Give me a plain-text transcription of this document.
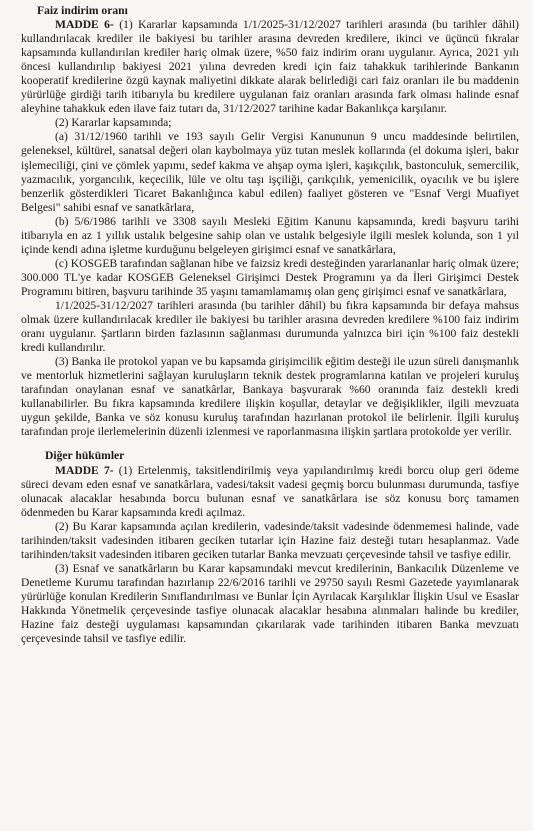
Faiz indirim oranı

MADDE 6- (1) Kararlar kapsamında 1/1/2025-31/12/2027 tarihleri arasında (bu tarihler dâhil) kullandırılacak krediler ile bakiyesi bu tarihler arasına devreden kredilere, ikinci ve üçüncü fıkralar kapsamında kullandırılan krediler hariç olmak üzere, %50 faiz indirim oranı uygulanır. Ayrıca, 2021 yılı öncesi kullandırılıp bakiyesi 2021 yılına devreden kredi için faiz tahakkuk tarihlerinde Bankanın kooperatif kredilerine özgü kaynak maliyetini dikkate alarak belirlediği cari faiz oranları ile bu maddenin yürürlüğe girdiği tarih itibarıyla bu kredilere uygulanan faiz oranları arasında fark olması halinde esnaf aleyhine tahakkuk eden ilave faiz tutarı da, 31/12/2027 tarihine kadar Bakanlıkça karşılanır.

(2) Kararlar kapsamında;

(a) 31/12/1960 tarihli ve 193 sayılı Gelir Vergisi Kanununun 9 uncu maddesinde belirtilen, geleneksel, kültürel, sanatsal değeri olan kaybolmaya yüz tutan meslek kollarında (el dokuma işleri, bakır işlemeciliği, çini ve çömlek yapımı, sedef kakma ve ahşap oyma işleri, kaşıkçılık, bastonculuk, semercilik, yazmacılık, yorgancılık, keçecilik, lüle ve oltu taşı işçiliği, çarıkçılık, yemenicilik, oyacılık ve bu işlere benzerlik gösterdikleri Ticaret Bakanlığınca kabul edilen) faaliyet gösteren ve "Esnaf Vergi Muafiyet Belgesi" sahibi esnaf ve sanatkârlara,

(b) 5/6/1986 tarihli ve 3308 sayılı Mesleki Eğitim Kanunu kapsamında, kredi başvuru tarihi itibarıyla en az 1 yıllık ustalık belgesine sahip olan ve ustalık belgesiyle ilgili meslek kolunda, son 1 yıl içinde kendi adına işletme kurduğunu belgeleyen girişimci esnaf ve sanatkârlara,

(c) KOSGEB tarafından sağlanan hibe ve faizsiz kredi desteğinden yararlananlar hariç olmak üzere; 300.000 TL'ye kadar KOSGEB Geleneksel Girişimci Destek Programını ya da İleri Girişimci Destek Programını bitiren, başvuru tarihinde 35 yaşını tamamlamamış olan genç girişimci esnaf ve sanatkârlara,

1/1/2025-31/12/2027 tarihleri arasında (bu tarihler dâhil) bu fıkra kapsamında bir defaya mahsus olmak üzere kullandırılacak krediler ile bakiyesi bu tarihler arasına devreden kredilere %100 faiz indirim oranı uygulanır. Şartların birden fazlasının sağlanması durumunda yalnızca biri için %100 faiz destekli kredi kullandırılır.

(3) Banka ile protokol yapan ve bu kapsamda girişimcilik eğitim desteği ile uzun süreli danışmanlık ve mentorluk hizmetlerini sağlayan kuruluşların teknik destek programlarına katılan ve projeleri kuruluş tarafından onaylanan esnaf ve sanatkârlar, Bankaya başvurarak %60 oranında faiz destekli kredi kullanabilirler. Bu fıkra kapsamında kredilere ilişkin koşullar, detaylar ve değişiklikler, ilgili mevzuata uygun şekilde, Banka ve söz konusu kuruluş tarafından hazırlanan protokol ile belirlenir. İlgili kuruluş tarafından proje ilerlemelerinin düzenli izlenmesi ve raporlanmasına ilişkin şartlara protokolde yer verilir.

Diğer hükümler

MADDE 7- (1) Ertelenmiş, taksitlendirilmiş veya yapılandırılmış kredi borcu olup geri ödeme süreci devam eden esnaf ve sanatkârlara, vadesi/taksit vadesi geçmiş borcu bulunması durumunda, tasfiye olunacak alacaklar hesabında borcu bulunan esnaf ve sanatkârlara ise söz konusu borç tamamen ödenmeden bu Karar kapsamında kredi açılmaz.

(2) Bu Karar kapsamında açılan kredilerin, vadesinde/taksit vadesinde ödenmemesi halinde, vade tarihinden/taksit vadesinden itibaren geciken tutarlar için Hazine faiz desteği tutarı hesaplanmaz. Vade tarihinden/taksit vadesinden itibaren geciken tutarlar Banka mevzuatı çerçevesinde tahsil ve tasfiye edilir.

(3) Esnaf ve sanatkârların bu Karar kapsamındaki mevcut kredilerinin, Bankacılık Düzenleme ve Denetleme Kurumu tarafından hazırlanıp 22/6/2016 tarihli ve 29750 sayılı Resmi Gazetede yayımlanarak yürürlüğe konulan Kredilerin Sınıflandırılması ve Bunlar İçin Ayrılacak Karşılıklar İlişkin Usul ve Esaslar Hakkında Yönetmelik çerçevesinde tasfiye olunacak alacaklar hesabına alınmaları halinde bu krediler, Hazine faiz desteği uygulaması kapsamından çıkarılarak vade tarihinden itibaren Banka mevzuatı çerçevesinde tahsil ve tasfiye edilir.
